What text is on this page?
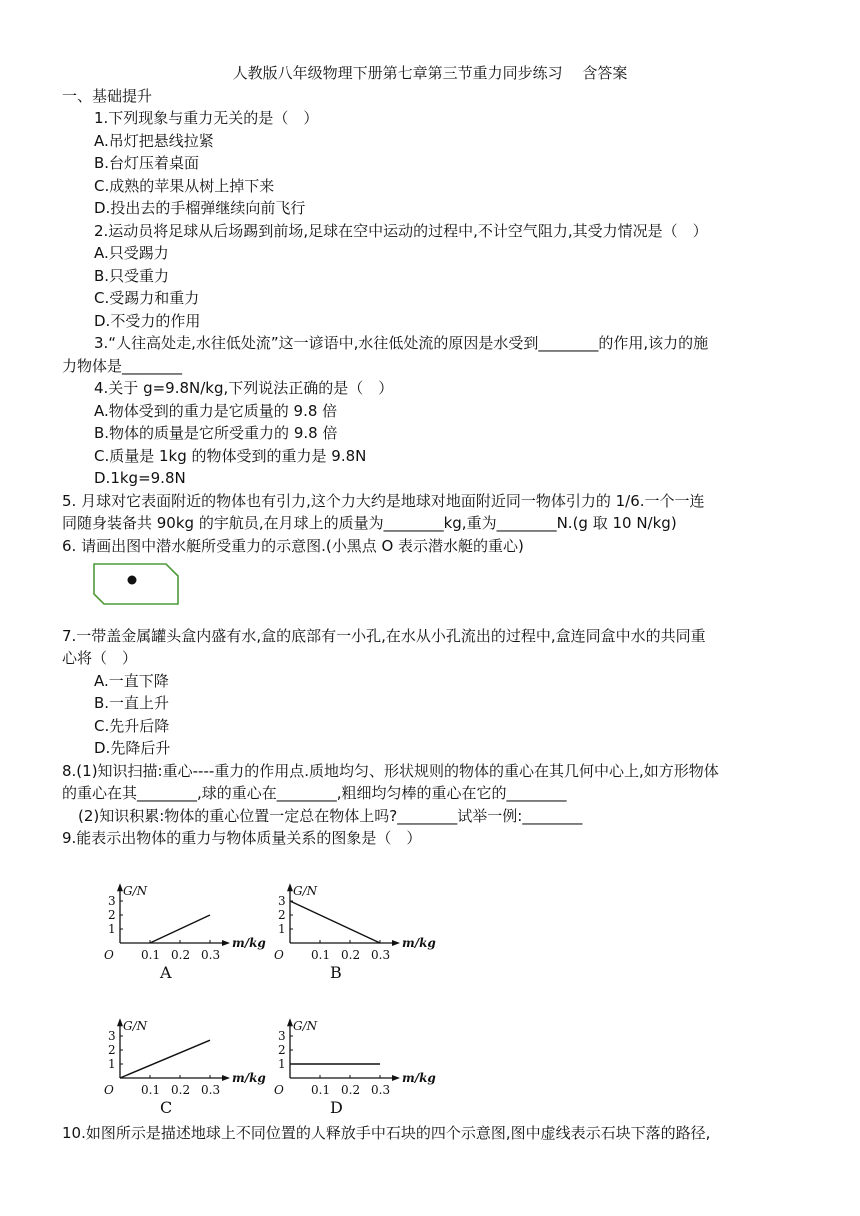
人教版八年级物理下册第七章第三节重力同步练习　 含答案
一、基础提升
1.下列现象与重力无关的是（　）
A.吊灯把悬线拉紧
B.台灯压着桌面
C.成熟的苹果从树上掉下来
D.投出去的手榴弹继续向前飞行
2.运动员将足球从后场踢到前场,足球在空中运动的过程中,不计空气阻力,其受力情况是（　）
A.只受踢力
B.只受重力
C.受踢力和重力
D.不受力的作用
3.“人往高处走,水往低处流”这一谚语中,水往低处流的原因是水受到________的作用,该力的施
力物体是________
4.关于 g=9.8N/kg,下列说法正确的是（　）
A.物体受到的重力是它质量的 9.8 倍
B.物体的质量是它所受重力的 9.8 倍
C.质量是 1kg 的物体受到的重力是 9.8N
D.1kg=9.8N
5. 月球对它表面附近的物体也有引力,这个力大约是地球对地面附近同一物体引力的 1/6.一个一连
同随身装备共 90kg 的宇航员,在月球上的质量为________kg,重为________N.(g 取 10 N/kg)
6. 请画出图中潜水艇所受重力的示意图.(小黑点 O 表示潜水艇的重心)
7.一带盖金属罐头盒内盛有水,盒的底部有一小孔,在水从小孔流出的过程中,盒连同盒中水的共同重
心将（　）
A.一直下降
B.一直上升
C.先升后降
D.先降后升
8.(1)知识扫描:重心----重力的作用点.质地均匀、形状规则的物体的重心在其几何中心上,如方形物体
的重心在其________,球的重心在________,粗细均匀棒的重心在它的________
(2)知识积累:物体的重心位置一定总在物体上吗?________试举一例:________
9.能表示出物体的重力与物体质量关系的图象是（　）
1
2
3
0.1 0.2 0.3
O
G/N
m/kg
A
1
2
3
0.1 0.2 0.3
O
G/N
m/kg
B
1
2
3
0.1 0.2 0.3
O
G/N
m/kg
C
1
2
3
0.1 0.2 0.3
O
G/N
m/kg
D
10.如图所示是描述地球上不同位置的人释放手中石块的四个示意图,图中虚线表示石块下落的路径,
